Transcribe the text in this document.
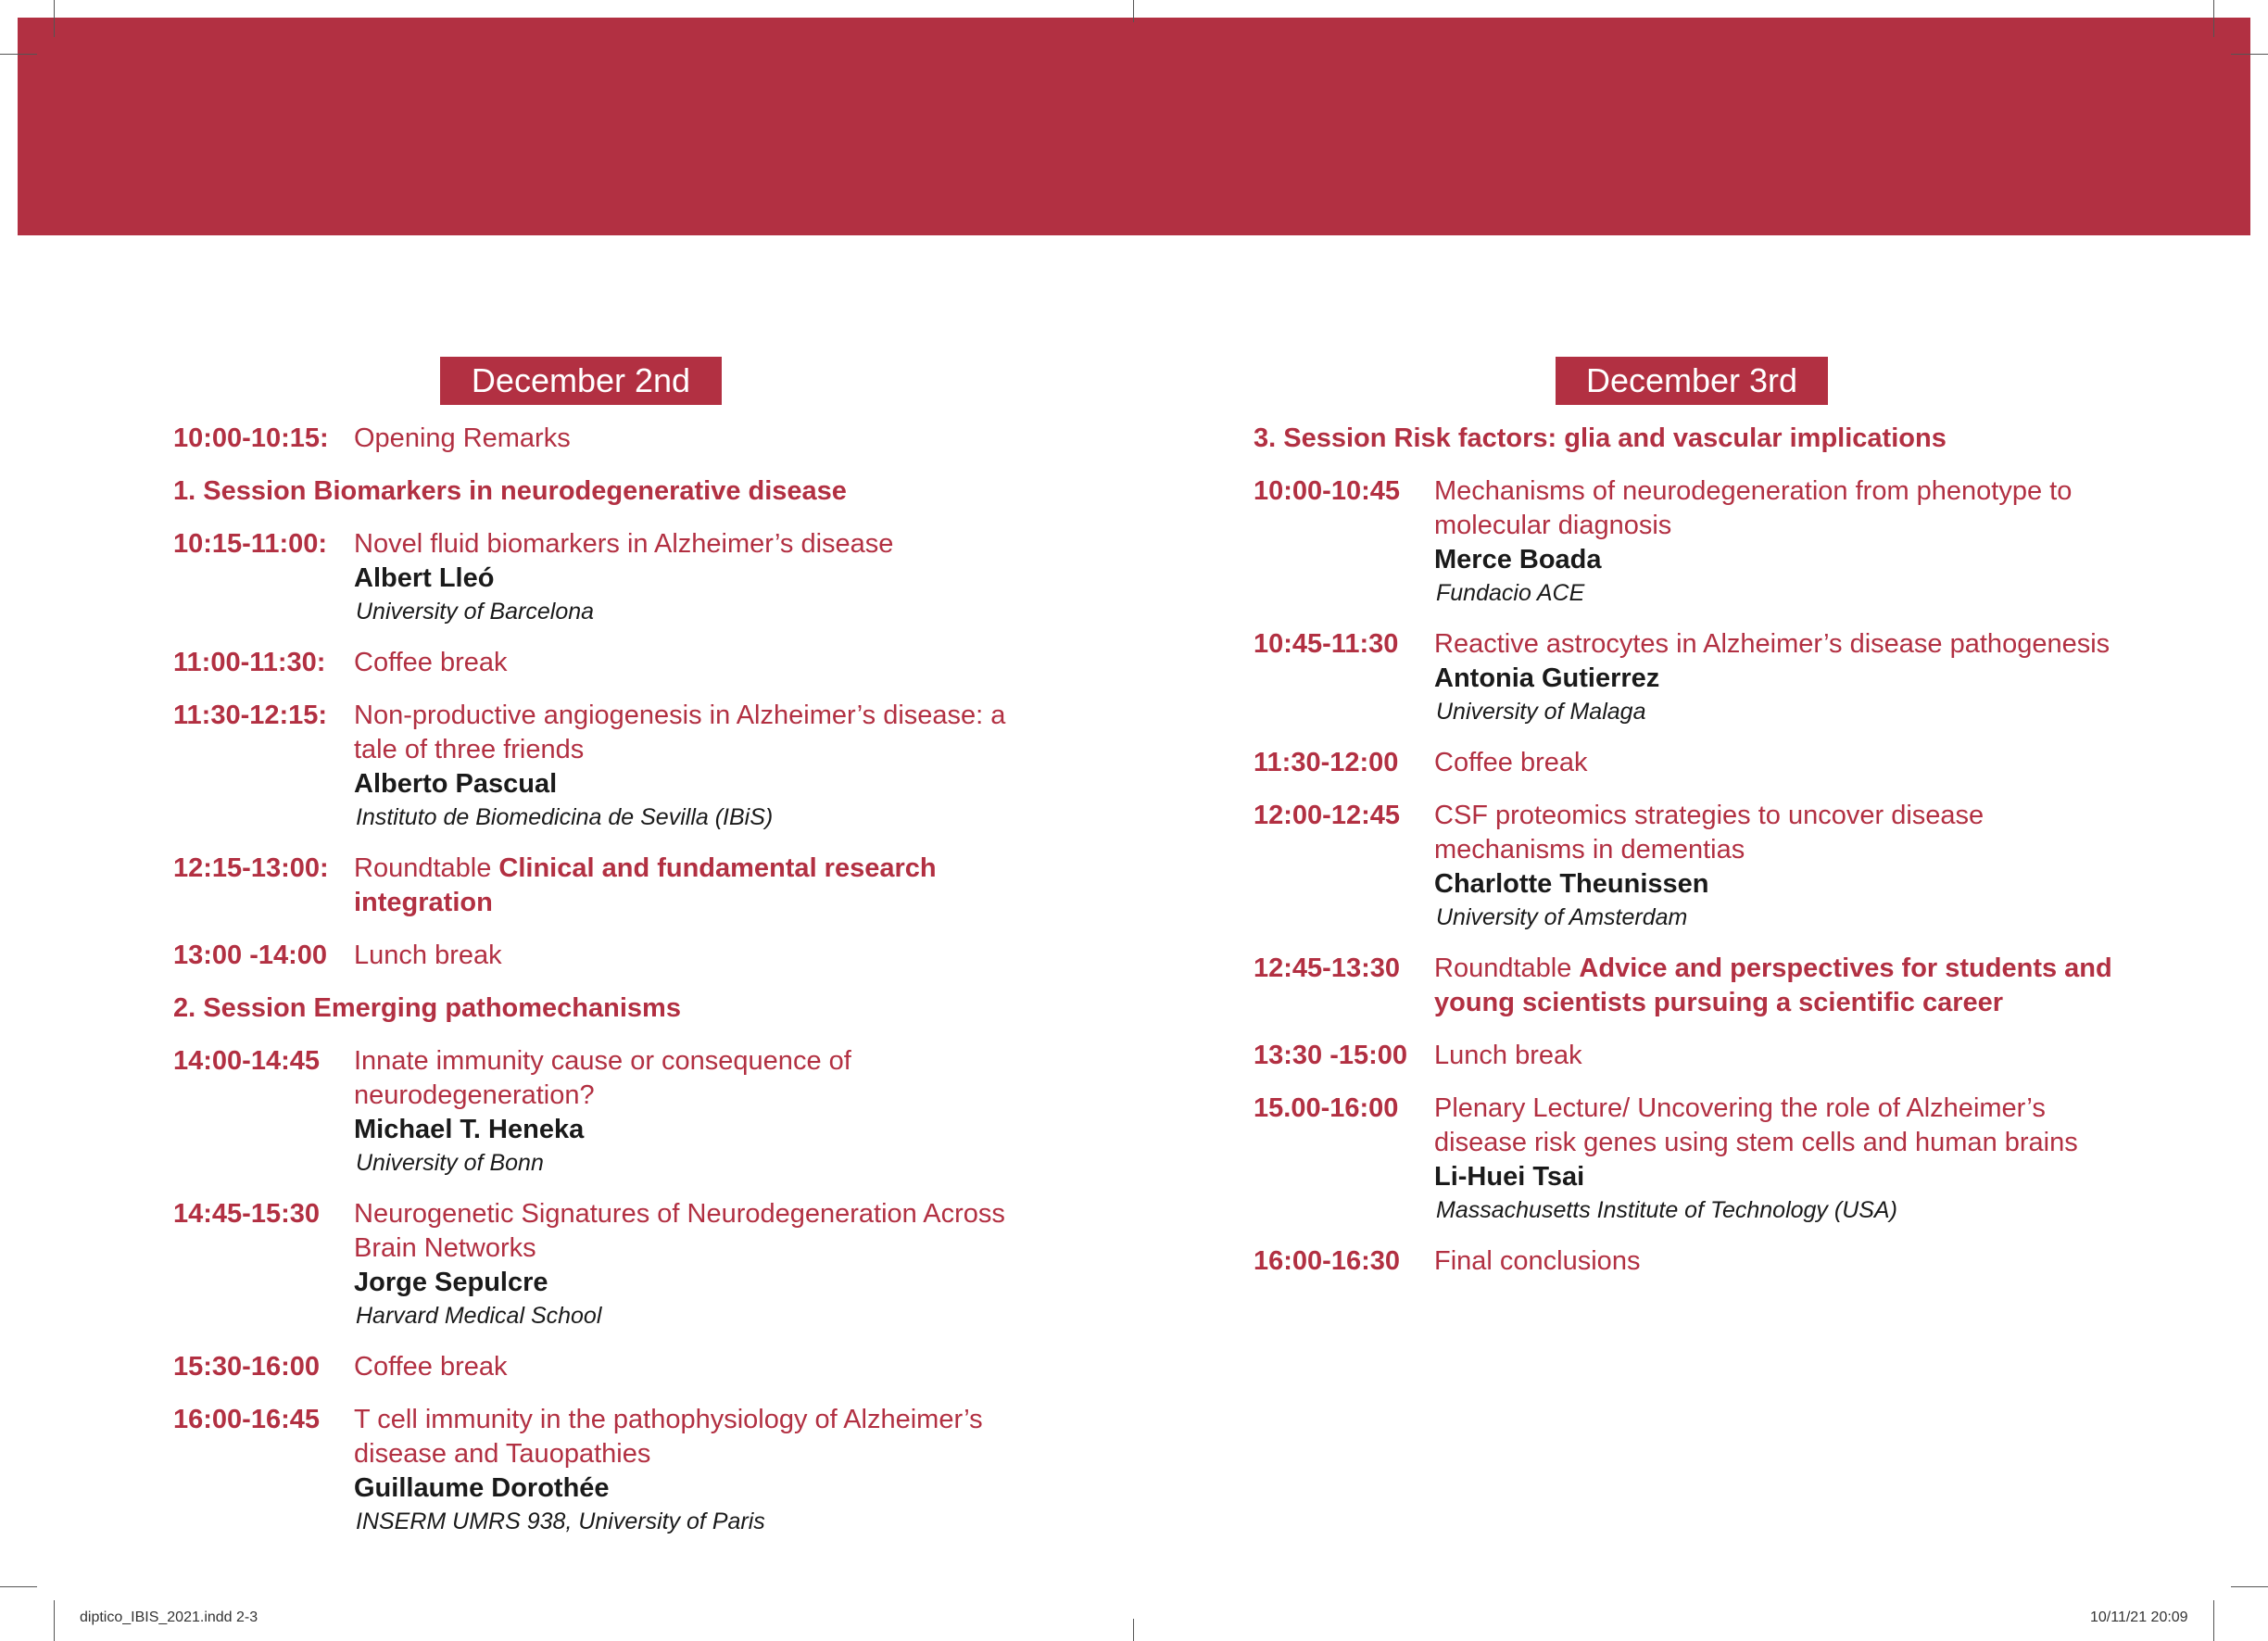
December 2nd
10:00-10:15: Opening Remarks
1. Session Biomarkers in neurodegenerative disease
10:15-11:00: Novel fluid biomarkers in Alzheimer’s disease
Albert Lleó
University of Barcelona
11:00-11:30:	Coffee break
11:30-12:15: Non-productive angiogenesis in Alzheimer’s disease: a tale of three friends
Alberto Pascual
Instituto de Biomedicina de Sevilla (IBiS)
12:15-13:00: Roundtable Clinical and fundamental research integration
13:00 -14:00 Lunch break
2. Session Emerging pathomechanisms
14:00-14:45	Innate immunity cause or consequence of neurodegeneration?
Michael T. Heneka
University of Bonn
14:45-15:30	Neurogenetic Signatures of Neurodegeneration Across Brain Networks
Jorge Sepulcre
Harvard Medical School
15:30-16:00	Coffee break
16:00-16:45	T cell immunity in the pathophysiology of Alzheimer’s disease and Tauopathies
Guillaume Dorothée
INSERM UMRS 938, University of Paris
December 3rd
3. Session Risk factors: glia and vascular implications
10:00-10:45	Mechanisms of neurodegeneration from phenotype to molecular diagnosis
Merce Boada
Fundacio ACE
10:45-11:30	Reactive astrocytes in Alzheimer’s disease pathogenesis
Antonia Gutierrez
University of Malaga
11:30-12:00	Coffee break
12:00-12:45	CSF proteomics strategies to uncover disease mechanisms in dementias
Charlotte Theunissen
University of Amsterdam
12:45-13:30	Roundtable Advice and perspectives for students and young scientists pursuing a scientific career
13:30 -15:00 Lunch break
15.00-16:00	Plenary Lecture/ Uncovering the role of Alzheimer’s disease risk genes using stem cells and human brains
Li-Huei Tsai
Massachusetts Institute of Technology (USA)
16:00-16:30	Final conclusions
diptico_IBIS_2021.indd 2-3	10/11/21 20:09
